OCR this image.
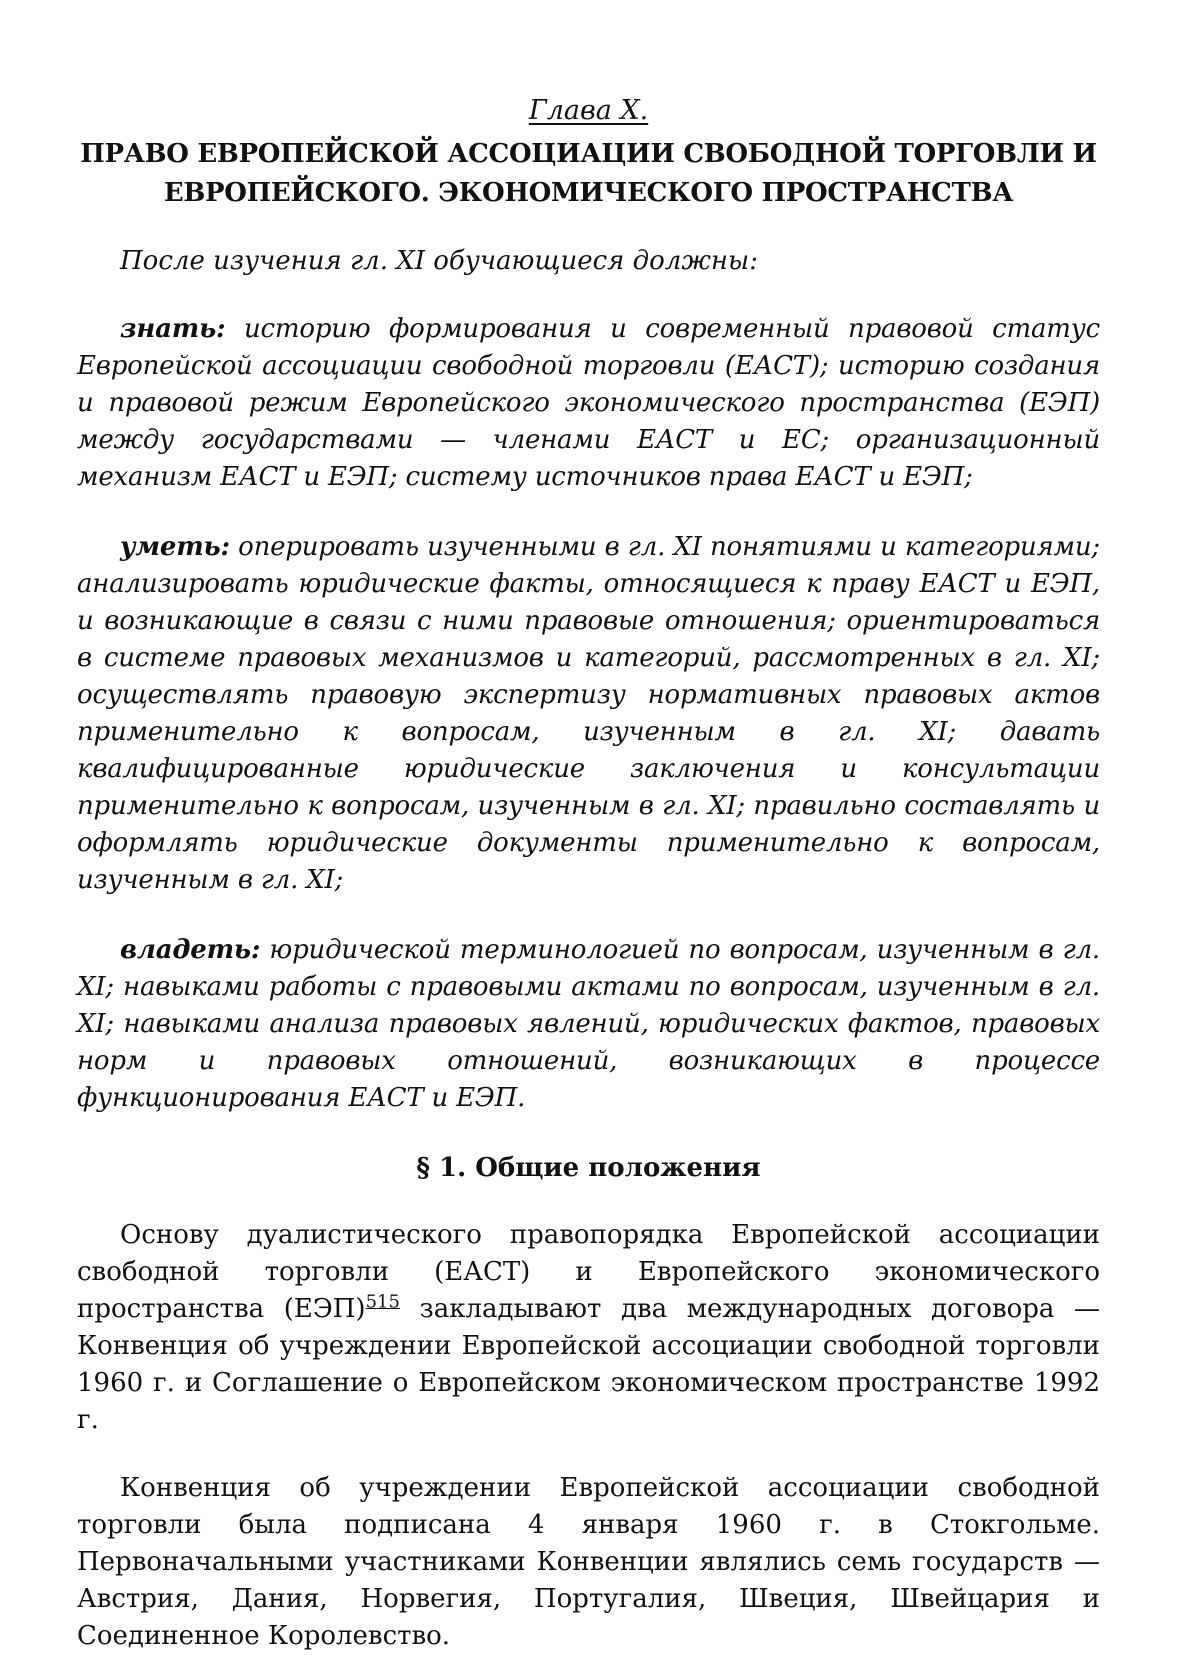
Глава X.
ПРАВО ЕВРОПЕЙСКОЙ АССОЦИАЦИИ СВОБОДНОЙ ТОРГОВЛИ И
ЕВРОПЕЙСКОГО. ЭКОНОМИЧЕСКОГО ПРОСТРАНСТВА

После изучения гл. XI обучающиеся должны:

знать: историю формирования и современный правовой статус Европейской ассоциации свободной торговли (ЕАСТ); историю создания и правовой режим Европейского экономического пространства (ЕЭП) между государствами — членами ЕАСТ и ЕС; организационный механизм ЕАСТ и ЕЭП; систему источников права ЕАСТ и ЕЭП;

уметь: оперировать изученными в гл. XI понятиями и категориями; анализировать юридические факты, относящиеся к праву ЕАСТ и ЕЭП, и возникающие в связи с ними правовые отношения; ориентироваться в системе правовых механизмов и категорий, рассмотренных в гл. XI; осуществлять правовую экспертизу нормативных правовых актов применительно к вопросам, изученным в гл. XI; давать квалифицированные юридические заключения и консультации применительно к вопросам, изученным в гл. XI; правильно составлять и оформлять юридические документы применительно к вопросам, изученным в гл. XI;

владеть: юридической терминологией по вопросам, изученным в гл. XI; навыками работы с правовыми актами по вопросам, изученным в гл. XI; навыками анализа правовых явлений, юридических фактов, правовых норм и правовых отношений, возникающих в процессе функционирования ЕАСТ и ЕЭП.

§ 1. Общие положения

Основу дуалистического правопорядка Европейской ассоциации свободной торговли (ЕАСТ) и Европейского экономического пространства (ЕЭП)$^{515}$ закладывают два международных договора — Конвенция об учреждении Европейской ассоциации свободной торговли 1960 г. и Соглашение о Европейском экономическом пространстве 1992 г.

Конвенция об учреждении Европейской ассоциации свободной торговли была подписана 4 января 1960 г. в Стокгольме. Первоначальными участниками Конвенции являлись семь государств — Австрия, Дания, Норвегия, Португалия, Швеция, Швейцария и Соединенное Королевство.
